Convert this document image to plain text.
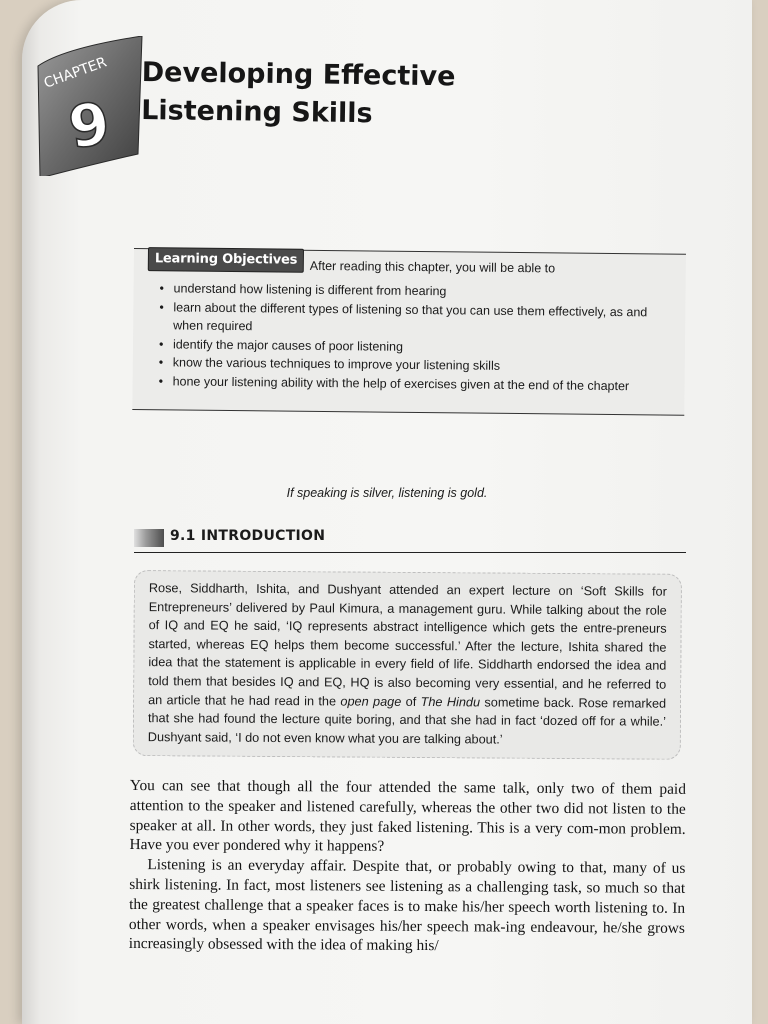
CHAPTER
9
Developing Effective
Listening Skills
Learning Objectives After reading this chapter, you will be able to
• understand how listening is different from hearing
• learn about the different types of listening so that you can use them effectively, as and when required
• identify the major causes of poor listening
• know the various techniques to improve your listening skills
• hone your listening ability with the help of exercises given at the end of the chapter
If speaking is silver, listening is gold.
9.1 INTRODUCTION

Rose, Siddharth, Ishita, and Dushyant attended an expert lecture on ‘Soft Skills for Entrepreneurs’ delivered by Paul Kimura, a management guru. While talking about the role of IQ and EQ he said, ‘IQ represents abstract intelligence which gets the entre-preneurs started, whereas EQ helps them become successful.’ After the lecture, Ishita shared the idea that the statement is applicable in every field of life. Siddharth endorsed the idea and told them that besides IQ and EQ, HQ is also becoming very essential, and he referred to an article that he had read in the open page of The Hindu sometime back. Rose remarked that she had found the lecture quite boring, and that she had in fact ‘dozed off for a while.’ Dushyant said, ‘I do not even know what you are talking about.’

You can see that though all the four attended the same talk, only two of them paid attention to the speaker and listened carefully, whereas the other two did not listen to the speaker at all. In other words, they just faked listening. This is a very com-mon problem. Have you ever pondered why it happens?

Listening is an everyday affair. Despite that, or probably owing to that, many of us shirk listening. In fact, most listeners see listening as a challenging task, so much so that the greatest challenge that a speaker faces is to make his/her speech worth listening to. In other words, when a speaker envisages his/her speech mak-ing endeavour, he/she grows increasingly obsessed with the idea of making his/
